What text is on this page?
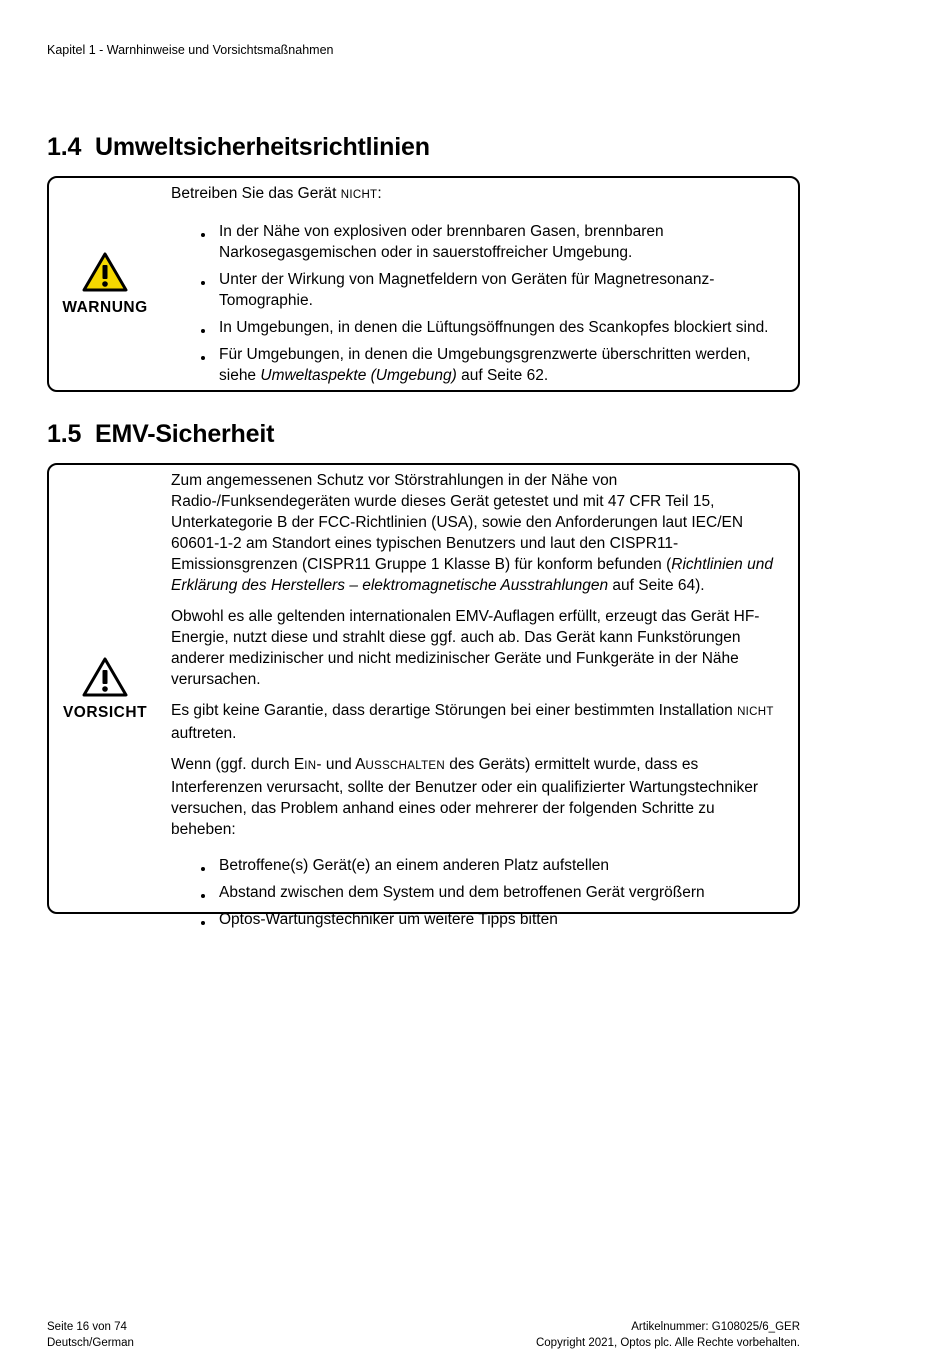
Kapitel 1 - Warnhinweise und Vorsichtsmaßnahmen
1.4 Umweltsicherheitsrichtlinien
WARNUNG

Betreiben Sie das Gerät NICHT:

In der Nähe von explosiven oder brennbaren Gasen, brennbaren Narkosegasgemischen oder in sauerstoffreicher Umgebung.
Unter der Wirkung von Magnetfeldern von Geräten für Magnetresonanz-Tomographie.
In Umgebungen, in denen die Lüftungsöffnungen des Scankopfes blockiert sind.
Für Umgebungen, in denen die Umgebungsgrenzwerte überschritten werden, siehe Umweltaspekte (Umgebung) auf Seite 62.
1.5 EMV-Sicherheit
VORSICHT

Zum angemessenen Schutz vor Störstrahlungen in der Nähe von Radio-/Funksendegeräten wurde dieses Gerät getestet und mit 47 CFR Teil 15, Unterkategorie B der FCC-Richtlinien (USA), sowie den Anforderungen laut IEC/EN 60601-1-2 am Standort eines typischen Benutzers und laut den CISPR11-Emissionsgrenzen (CISPR11 Gruppe 1 Klasse B) für konform befunden (Richtlinien und Erklärung des Herstellers – elektromagnetische Ausstrahlungen auf Seite 64).

Obwohl es alle geltenden internationalen EMV-Auflagen erfüllt, erzeugt das Gerät HF-Energie, nutzt diese und strahlt diese ggf. auch ab. Das Gerät kann Funkstörungen anderer medizinischer und nicht medizinischer Geräte und Funkgeräte in der Nähe verursachen.

Es gibt keine Garantie, dass derartige Störungen bei einer bestimmten Installation NICHT auftreten.

Wenn (ggf. durch EIN- und AUSSCHALTEN des Geräts) ermittelt wurde, dass es Interferenzen verursacht, sollte der Benutzer oder ein qualifizierter Wartungstechniker versuchen, das Problem anhand eines oder mehrerer der folgenden Schritte zu beheben:

Betroffene(s) Gerät(e) an einem anderen Platz aufstellen
Abstand zwischen dem System und dem betroffenen Gerät vergrößern
Optos-Wartungstechniker um weitere Tipps bitten
Seite 16 von 74
Deutsch/German
Artikelnummer: G108025/6_GER
Copyright 2021, Optos plc. Alle Rechte vorbehalten.
